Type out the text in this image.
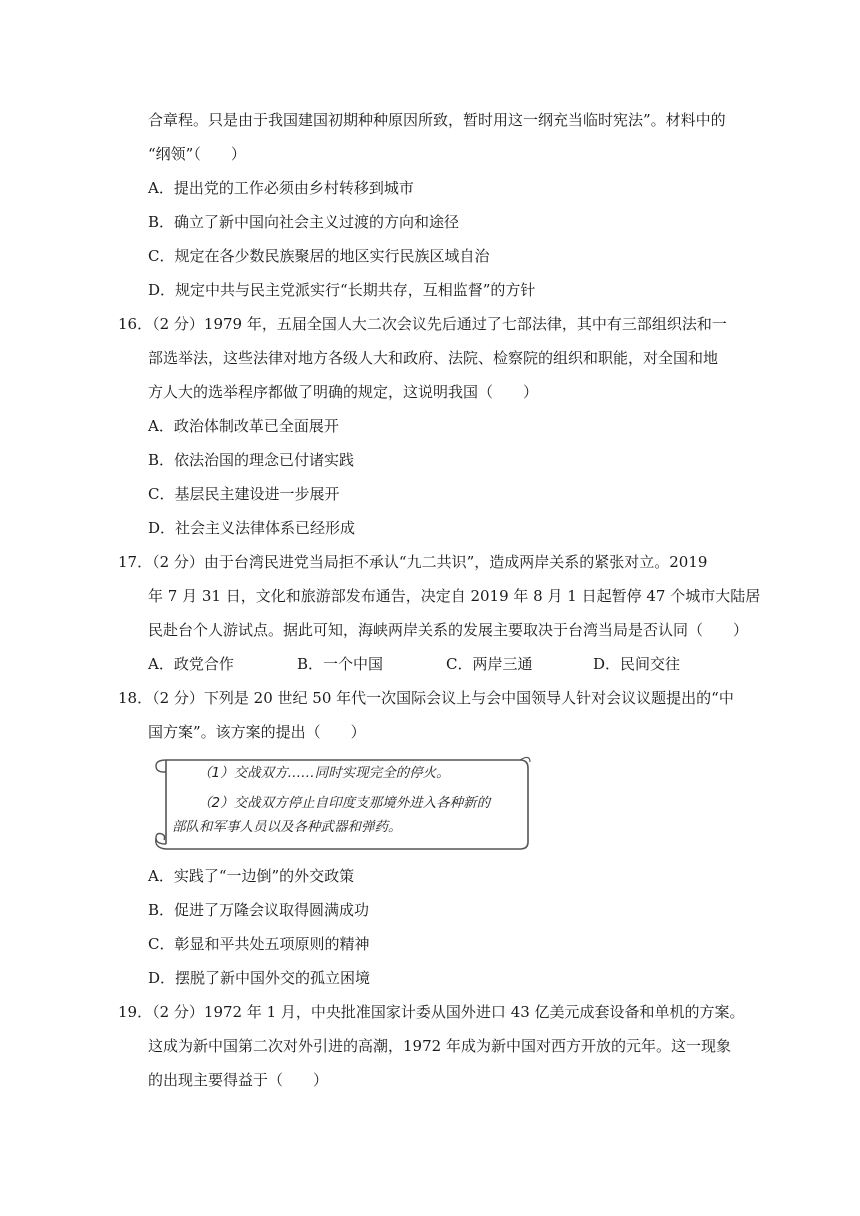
合章程。只是由于我国建国初期种种原因所致，暂时用这一纲充当临时宪法”。材料中的
“纲领”（　　）
A．提出党的工作必须由乡村转移到城市
B．确立了新中国向社会主义过渡的方向和途径
C．规定在各少数民族聚居的地区实行民族区域自治
D．规定中共与民主党派实行“长期共存，互相监督”的方针
16．（2 分）1979 年，五届全国人大二次会议先后通过了七部法律，其中有三部组织法和一
部选举法，这些法律对地方各级人大和政府、法院、检察院的组织和职能，对全国和地
方人大的选举程序都做了明确的规定，这说明我国（　　）
A．政治体制改革已全面展开
B．依法治国的理念已付诸实践
C．基层民主建设进一步展开
D．社会主义法律体系已经形成
17．（2 分）由于台湾民进党当局拒不承认“九二共识”，造成两岸关系的紧张对立。2019
年 7 月 31 日，文化和旅游部发布通告，决定自 2019 年 8 月 1 日起暂停 47 个城市大陆居
民赴台个人游试点。据此可知，海峡两岸关系的发展主要取决于台湾当局是否认同（　　）
A．政党合作	B．一个中国	C．两岸三通	D．民间交往
18．（2 分）下列是 20 世纪 50 年代一次国际会议上与会中国领导人针对会议议题提出的“中
国方案”。该方案的提出（　　）
（1）交战双方……同时实现完全的停火。
（2）交战双方停止自印度支那境外进入各种新的
部队和军事人员以及各种武器和弹药。
A．实践了“一边倒”的外交政策
B．促进了万隆会议取得圆满成功
C．彰显和平共处五项原则的精神
D．摆脱了新中国外交的孤立困境
19．（2 分）1972 年 1 月，中央批准国家计委从国外进口 43 亿美元成套设备和单机的方案。
这成为新中国第二次对外引进的高潮，1972 年成为新中国对西方开放的元年。这一现象
的出现主要得益于（　　）
